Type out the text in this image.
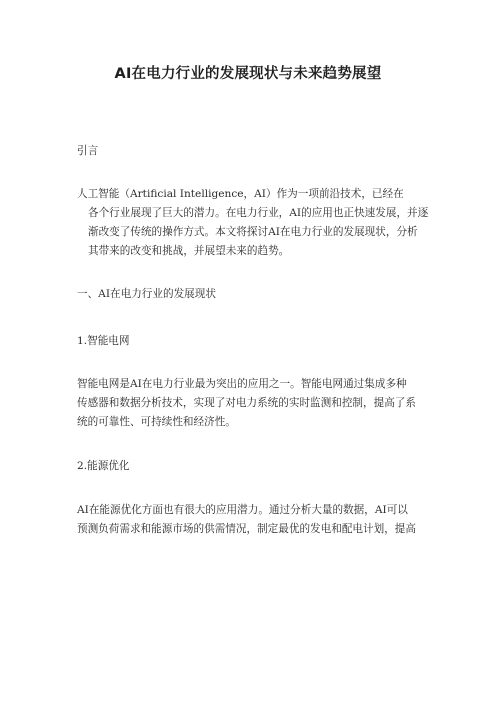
AI在电力行业的发展现状与未来趋势展望
引言
人工智能（Artificial Intelligence，AI）作为一项前沿技术，已经在
各个行业展现了巨大的潜力。在电力行业，AI的应用也正快速发展，并逐
渐改变了传统的操作方式。本文将探讨AI在电力行业的发展现状，分析
其带来的改变和挑战，并展望未来的趋势。
一、AI在电力行业的发展现状
1.智能电网
智能电网是AI在电力行业最为突出的应用之一。智能电网通过集成多种
传感器和数据分析技术，实现了对电力系统的实时监测和控制，提高了系
统的可靠性、可持续性和经济性。
2.能源优化
AI在能源优化方面也有很大的应用潜力。通过分析大量的数据，AI可以
预测负荷需求和能源市场的供需情况，制定最优的发电和配电计划，提高
